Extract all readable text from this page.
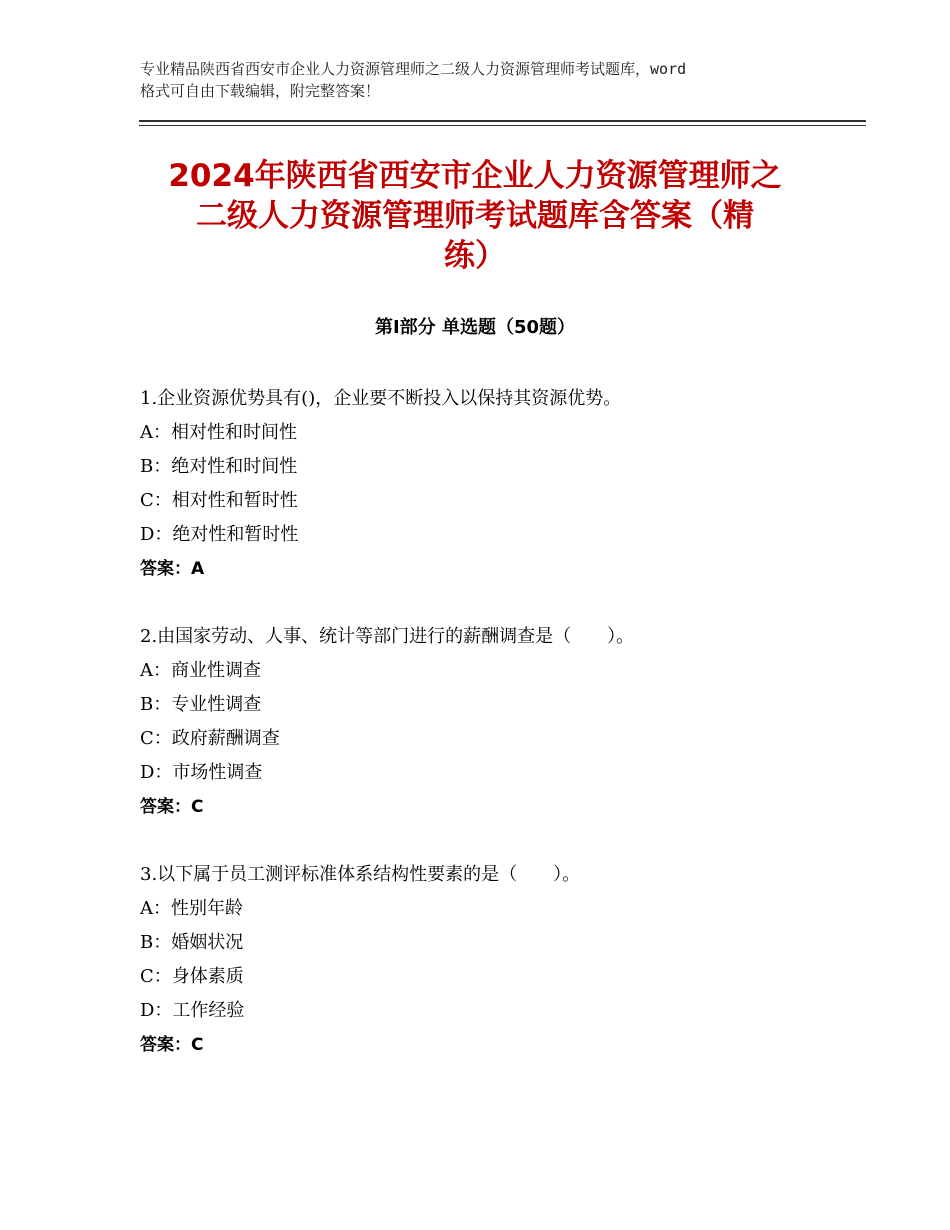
专业精品陕西省西安市企业人力资源管理师之二级人力资源管理师考试题库，word
格式可自由下载编辑，附完整答案！
2024年陕西省西安市企业人力资源管理师之
二级人力资源管理师考试题库含答案（精
练）
第Ⅰ部分 单选题（50题）
1.企业资源优势具有()，企业要不断投入以保持其资源优势。
A：相对性和时间性
B：绝对性和时间性
C：相对性和暂时性
D：绝对性和暂时性
答案：A
2.由国家劳动、人事、统计等部门进行的薪酬调查是（　　）。
A：商业性调查
B：专业性调查
C：政府薪酬调查
D：市场性调查
答案：C
3.以下属于员工测评标准体系结构性要素的是（　　）。
A：性别年龄
B：婚姻状况
C：身体素质
D：工作经验
答案：C
